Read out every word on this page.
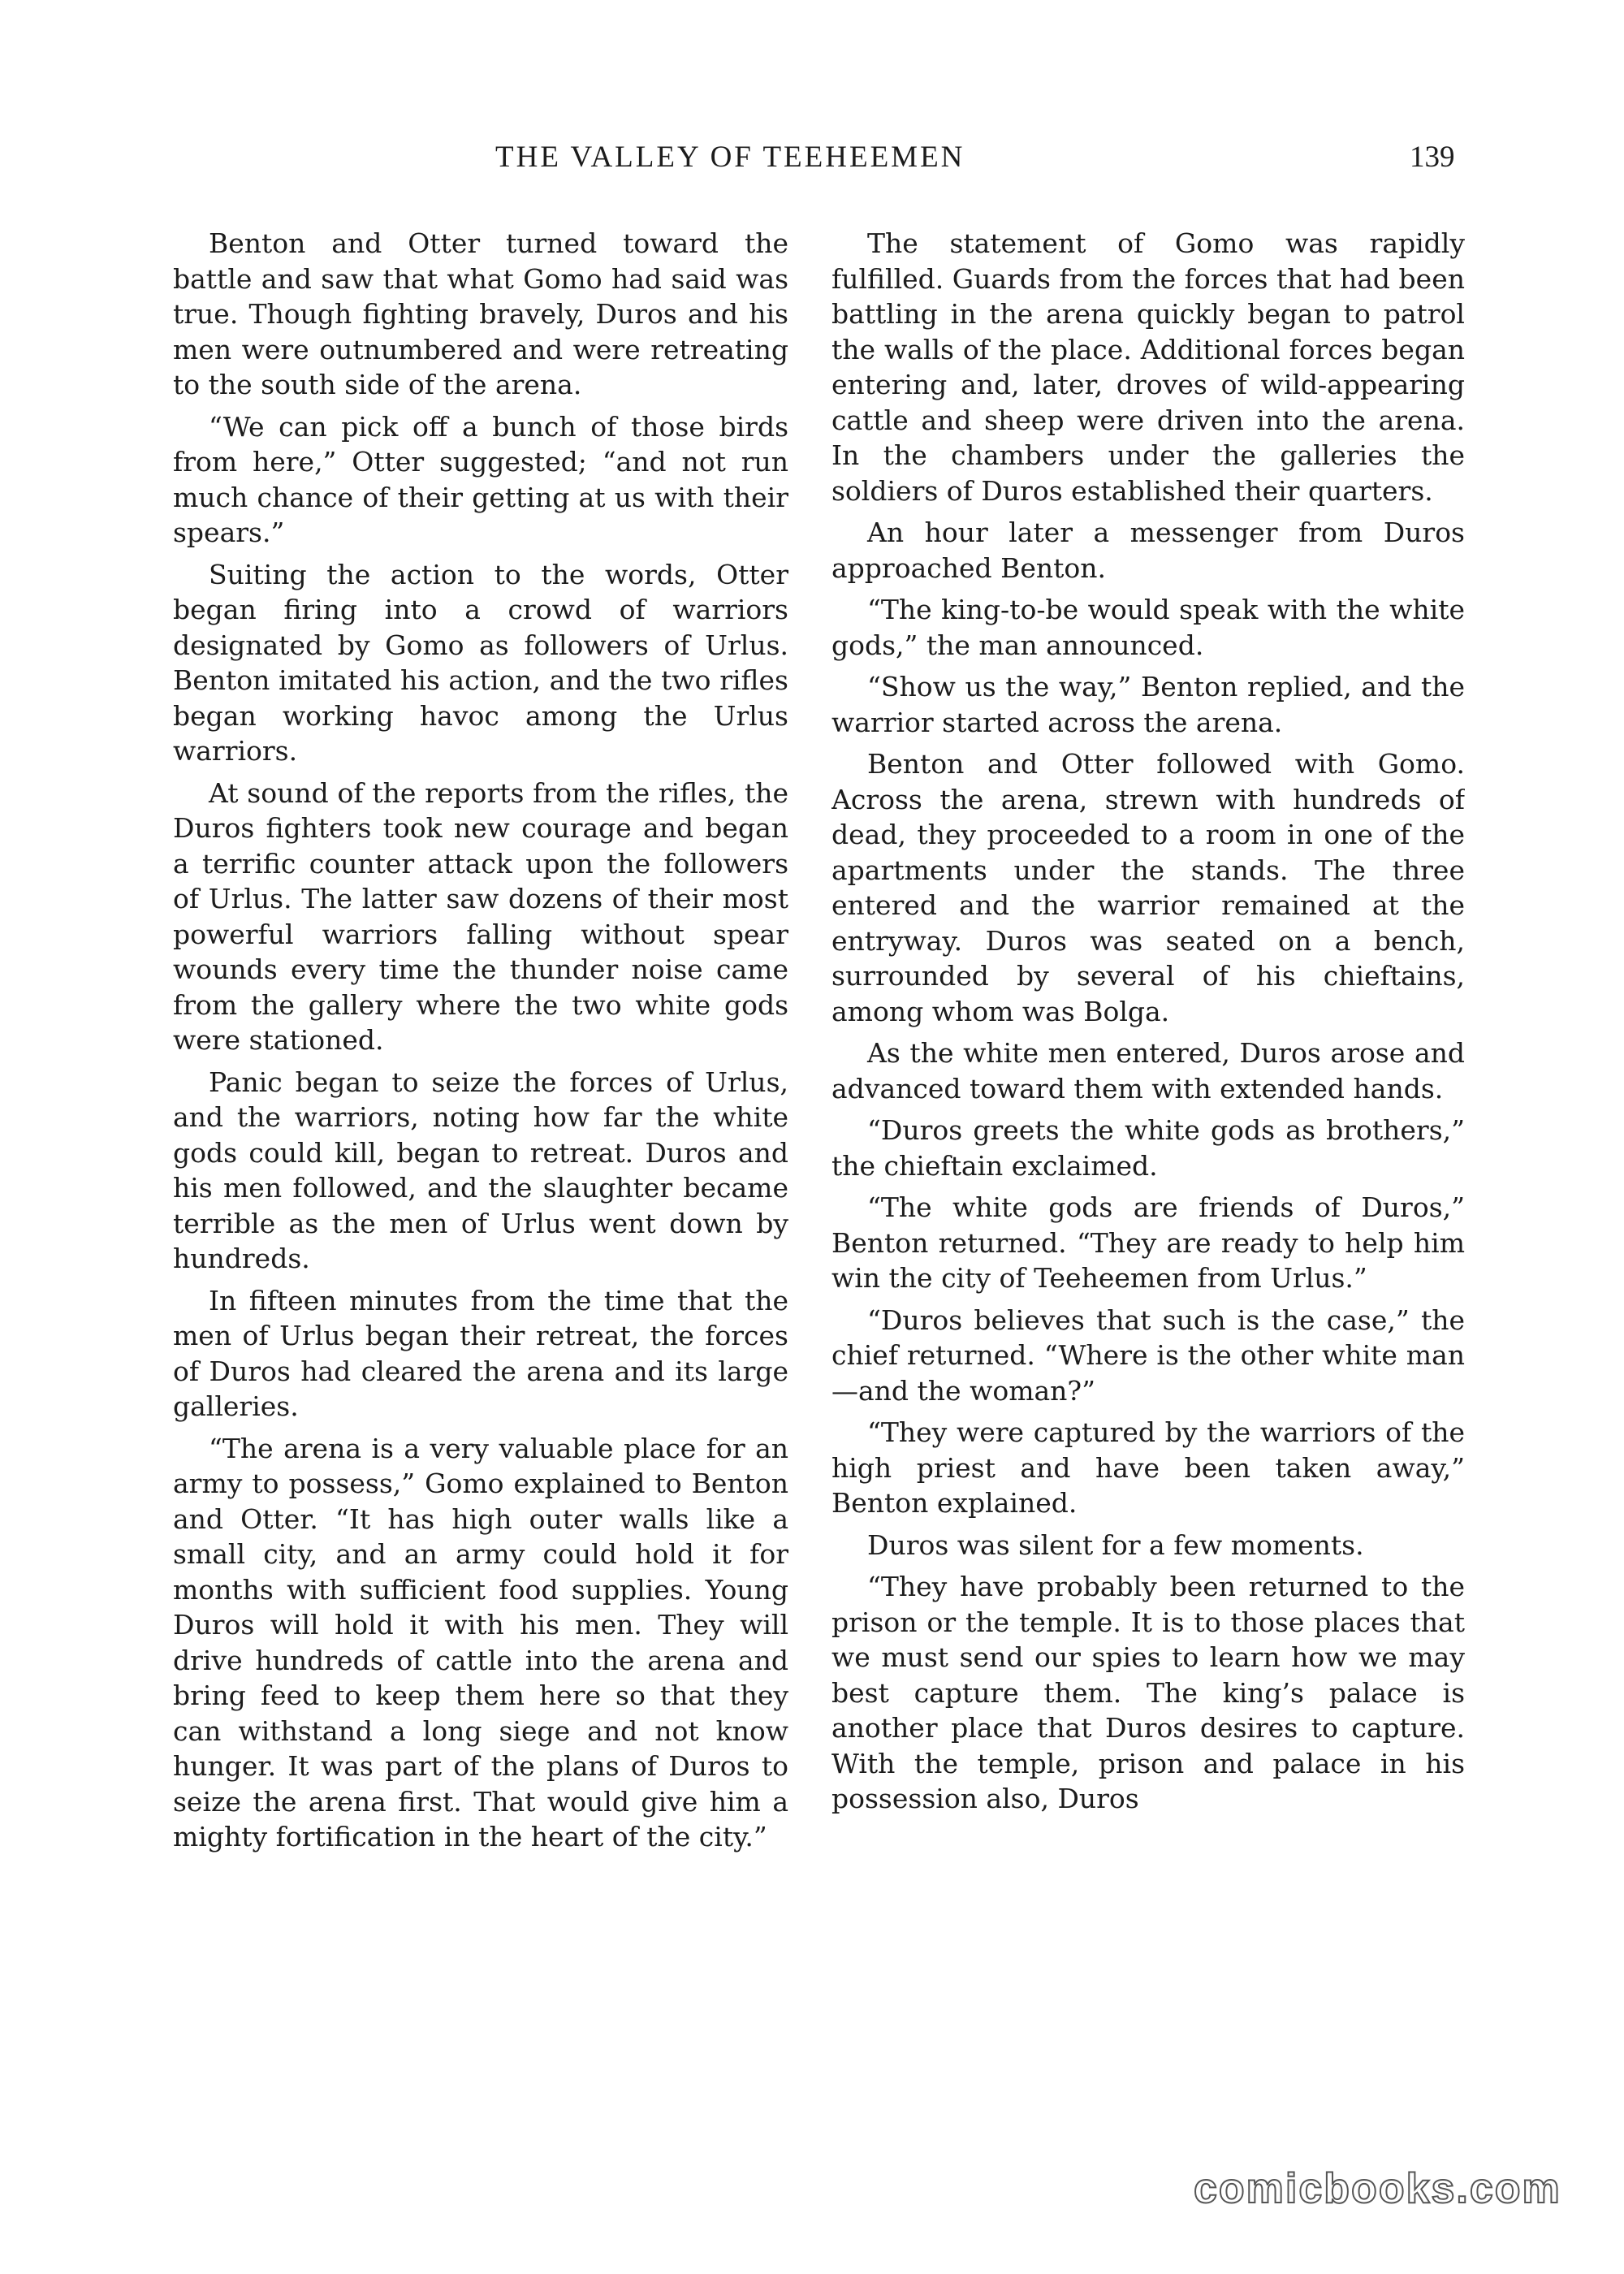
THE VALLEY OF TEEHEEMEN	139

Benton and Otter turned toward the battle and saw that what Gomo had said was true. Though fighting bravely, Duros and his men were outnumbered and were retreating to the south side of the arena.

“We can pick off a bunch of those birds from here,” Otter suggested; “and not run much chance of their getting at us with their spears.”

Suiting the action to the words, Otter began firing into a crowd of warriors designated by Gomo as followers of Urlus. Benton imitated his action, and the two rifles began working havoc among the Urlus warriors.

At sound of the reports from the rifles, the Duros fighters took new courage and began a terrific counter attack upon the followers of Urlus. The latter saw dozens of their most powerful warriors falling without spear wounds every time the thunder noise came from the gallery where the two white gods were stationed.

Panic began to seize the forces of Urlus, and the warriors, noting how far the white gods could kill, began to retreat. Duros and his men followed, and the slaughter became terrible as the men of Urlus went down by hundreds.

In fifteen minutes from the time that the men of Urlus began their retreat, the forces of Duros had cleared the arena and its large galleries.

“The arena is a very valuable place for an army to possess,” Gomo explained to Benton and Otter. “It has high outer walls like a small city, and an army could hold it for months with sufficient food supplies. Young Duros will hold it with his men. They will drive hundreds of cattle into the arena and bring feed to keep them here so that they can withstand a long siege and not know hunger. It was part of the plans of Duros to seize the arena first. That would give him a mighty fortification in the heart of the city.”

The statement of Gomo was rapidly fulfilled. Guards from the forces that had been battling in the arena quickly began to patrol the walls of the place. Additional forces began entering and, later, droves of wild-appearing cattle and sheep were driven into the arena. In the chambers under the galleries the soldiers of Duros established their quarters.

An hour later a messenger from Duros approached Benton.

“The king-to-be would speak with the white gods,” the man announced.

“Show us the way,” Benton replied, and the warrior started across the arena.

Benton and Otter followed with Gomo. Across the arena, strewn with hundreds of dead, they proceeded to a room in one of the apartments under the stands. The three entered and the warrior remained at the entryway. Duros was seated on a bench, surrounded by several of his chieftains, among whom was Bolga.

As the white men entered, Duros arose and advanced toward them with extended hands.

“Duros greets the white gods as brothers,” the chieftain exclaimed.

“The white gods are friends of Duros,” Benton returned. “They are ready to help him win the city of Teeheemen from Urlus.”

“Duros believes that such is the case,” the chief returned. “Where is the other white man—and the woman?”

“They were captured by the warriors of the high priest and have been taken away,” Benton explained.

Duros was silent for a few moments.

“They have probably been returned to the prison or the temple. It is to those places that we must send our spies to learn how we may best capture them. The king’s palace is another place that Duros desires to capture. With the temple, prison and palace in his possession also, Duros

comicbooks.com
